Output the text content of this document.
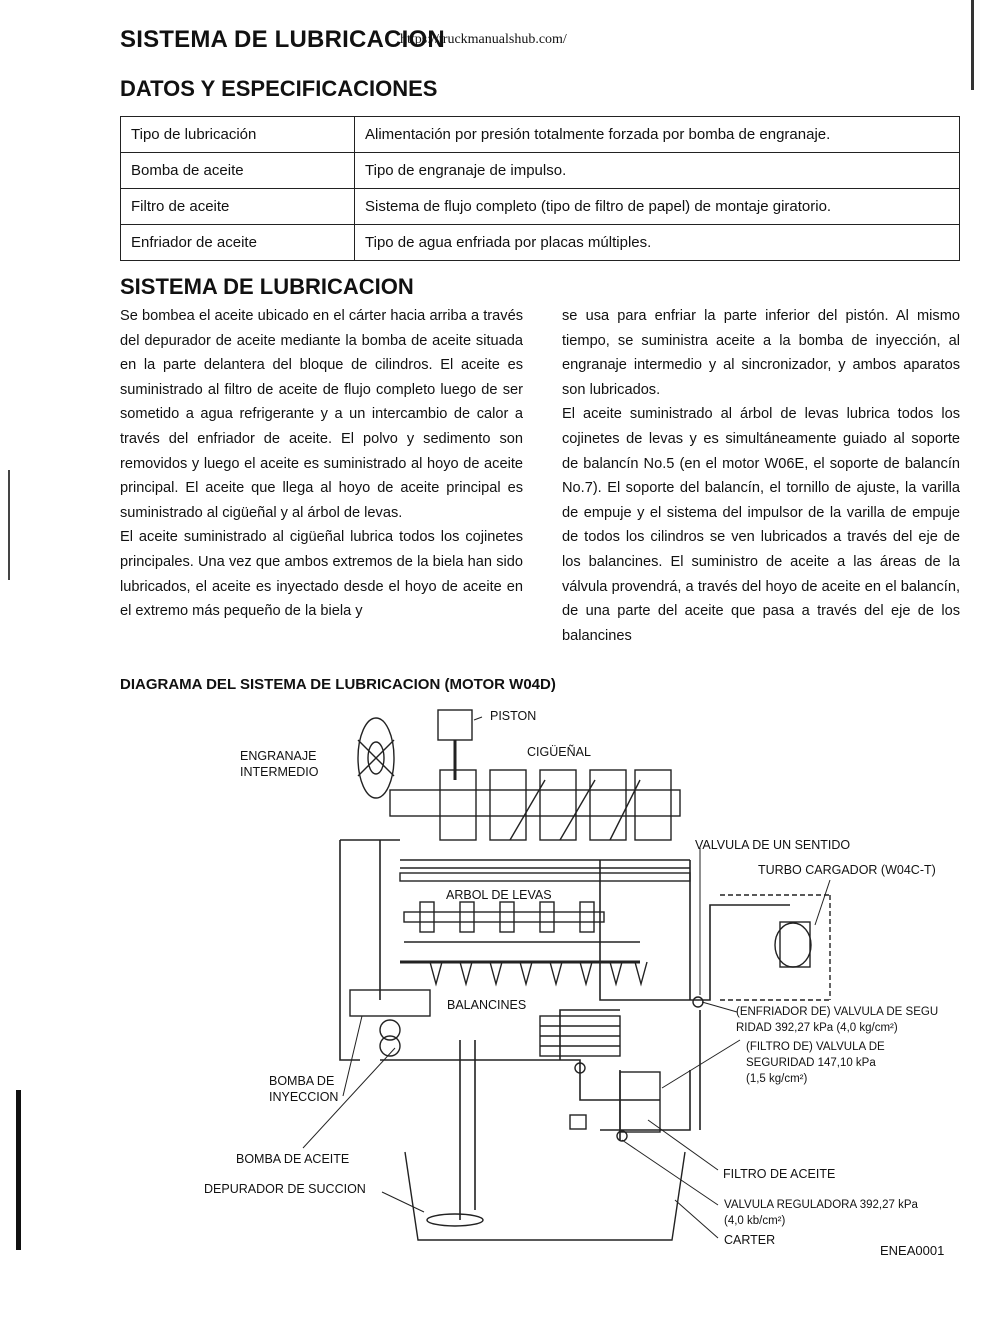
SISTEMA DE LUBRICACION
https://truckmanualshub.com/
DATOS Y ESPECIFICACIONES
Tipo de lubricación	Alimentación por presión totalmente forzada por bomba de engranaje.
Bomba de aceite	Tipo de engranaje de impulso.
Filtro de aceite	Sistema de flujo completo (tipo de filtro de papel) de montaje giratorio.
Enfriador de aceite	Tipo de agua enfriada por placas múltiples.
SISTEMA DE LUBRICACION

Se bombea el aceite ubicado en el cárter hacia arriba a través del depurador de aceite mediante la bomba de aceite situada en la parte delantera del bloque de cilindros. El aceite es suministrado al filtro de aceite de flujo completo luego de ser sometido a agua refrigerante y a un intercambio de calor a través del enfriador de aceite. El polvo y sedimento son removidos y luego el aceite es suministrado al hoyo de aceite principal. El aceite que llega al hoyo de aceite principal es suministrado al cigüeñal y al árbol de levas.

El aceite suministrado al cigüeñal lubrica todos los cojinetes principales. Una vez que ambos extremos de la biela han sido lubricados, el aceite es inyectado desde el hoyo de aceite en el extremo más pequeño de la biela y

se usa para enfriar la parte inferior del pistón. Al mismo tiempo, se suministra aceite a la bomba de inyección, al engranaje intermedio y al sincronizador, y ambos aparatos son lubricados.

El aceite suministrado al árbol de levas lubrica todos los cojinetes de levas y es simultáneamente guiado al soporte de balancín No.5 (en el motor W06E, el soporte de balancín No.7). El soporte del balancín, el tornillo de ajuste, la varilla de empuje y el sistema del impulsor de la varilla de empuje de todos los cilindros se ven lubricados a través del eje de los balancines. El suministro de aceite a las áreas de la válvula provendrá, a través del hoyo de aceite en el balancín, de una parte del aceite que pasa a través del eje de los balancines

DIAGRAMA DEL SISTEMA DE LUBRICACION (MOTOR W04D)
PISTON
CIGÜEÑAL
ENGRANAJE
INTERMEDIO
VALVULA DE UN SENTIDO
TURBO CARGADOR (W04C-T)
ARBOL DE LEVAS
BALANCINES	(ENFRIADOR DE) VALVULA DE SEGU
RIDAD 392,27 kPa (4,0 kg/cm²)
(FILTRO DE) VALVULA DE
SEGURIDAD 147,10 kPa
(1,5 kg/cm²)
BOMBA DE
INYECCION
BOMBA DE ACEITE
DEPURADOR DE SUCCION
FILTRO DE ACEITE
VALVULA REGULADORA 392,27 kPa
(4,0 kb/cm²)
CARTER
ENEA0001
